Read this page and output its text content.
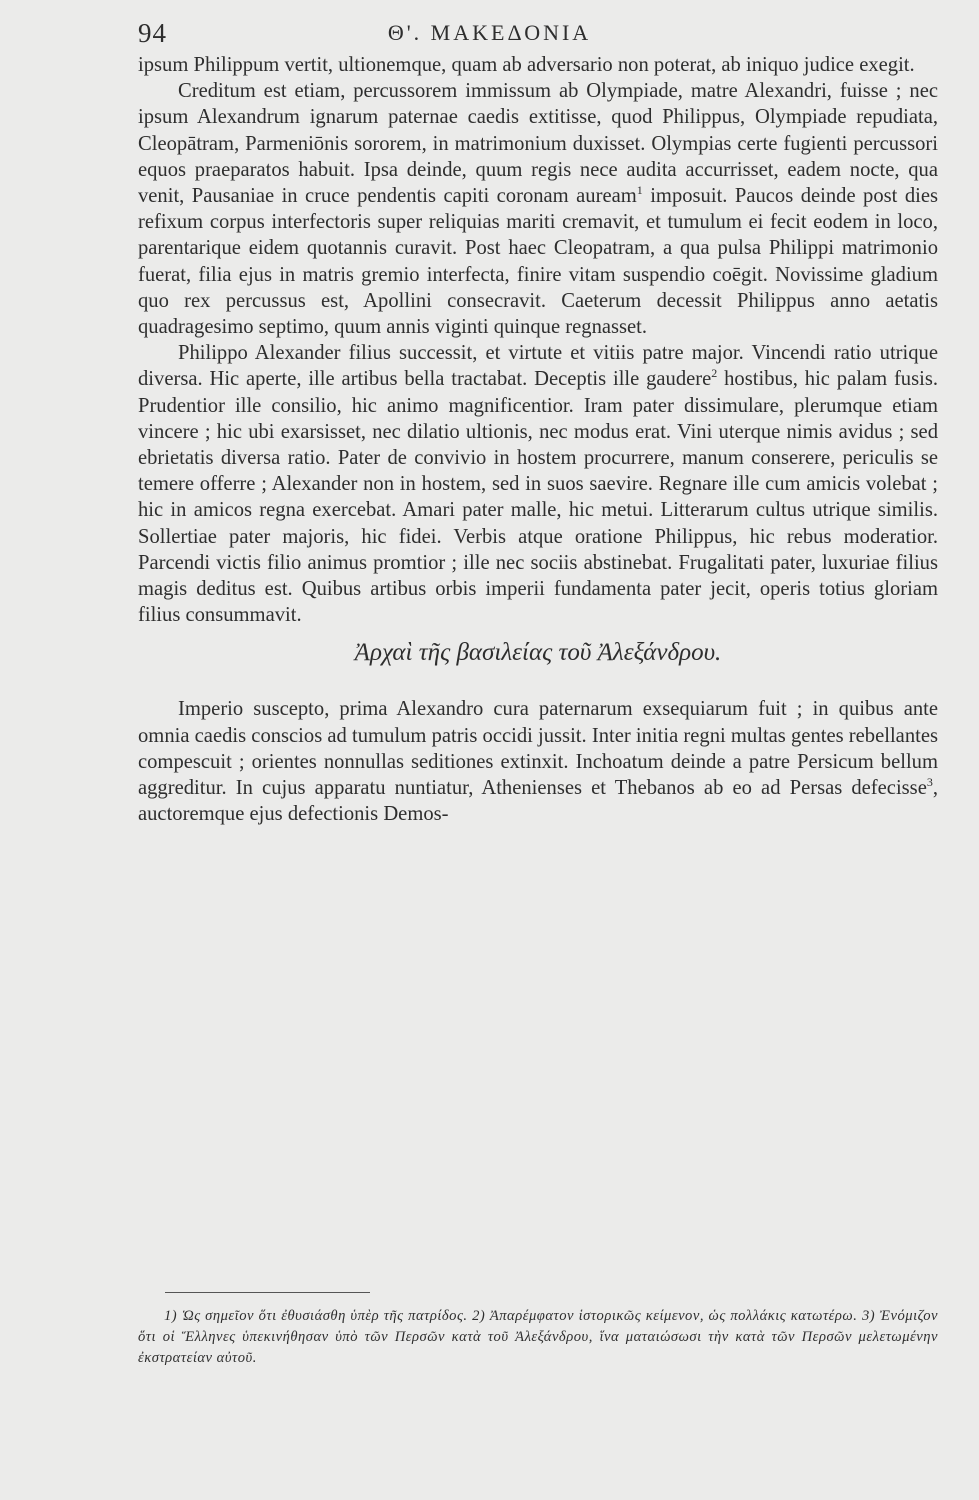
94	Θ'. ΜΑΚΕΔΟΝΙΑ

ipsum Philippum vertit, ultionemque, quam ab adversario non poterat, ab iniquo judice exegit.

Creditum est etiam, percussorem immissum ab Olympiade, matre Alexandri, fuisse ; nec ipsum Alexandrum ignarum paternae caedis extitisse, quod Philippus, Olympiade repudiata, Cleopātram, Parmeniōnis sororem, in matrimonium duxisset. Olympias certe fugienti percussori equos praeparatos habuit. Ipsa deinde, quum regis nece audita accurrisset, eadem nocte, qua venit, Pausaniae in cruce pendentis capiti coronam auream$^1$ imposuit. Paucos deinde post dies refixum corpus interfectoris super reliquias mariti cremavit, et tumulum ei fecit eodem in loco, parentarique eidem quotannis curavit. Post haec Cleopatram, a qua pulsa Philippi matrimonio fuerat, filia ejus in matris gremio interfecta, finire vitam suspendio coēgit. Novissime gladium quo rex percussus est, Apollini consecravit. Caeterum decessit Philippus anno aetatis quadragesimo septimo, quum annis viginti quinque regnasset.

Philippo Alexander filius successit, et virtute et vitiis patre major. Vincendi ratio utrique diversa. Hic aperte, ille artibus bella tractabat. Deceptis ille gaudere$^2$ hostibus, hic palam fusis. Prudentior ille consilio, hic animo magnificentior. Iram pater dissimulare, plerumque etiam vincere ; hic ubi exarsisset, nec dilatio ultionis, nec modus erat. Vini uterque nimis avidus ; sed ebrietatis diversa ratio. Pater de convivio in hostem procurrere, manum conserere, periculis se temere offerre ; Alexander non in hostem, sed in suos saevire. Regnare ille cum amicis volebat ; hic in amicos regna exercebat. Amari pater malle, hic metui. Litterarum cultus utrique similis. Sollertiae pater majoris, hic fidei. Verbis atque oratione Philippus, hic rebus moderatior. Parcendi victis filio animus promtior ; ille nec sociis abstinebat. Frugalitati pater, luxuriae filius magis deditus est. Quibus artibus orbis imperii fundamenta pater jecit, operis totius gloriam filius consummavit.

Ἀρχαὶ τῆς βασιλείας τοῦ Ἀλεξάνδρου.

Imperio suscepto, prima Alexandro cura paternarum exsequiarum fuit ; in quibus ante omnia caedis conscios ad tumulum patris occidi jussit. Inter initia regni multas gentes rebellantes compescuit ; orientes nonnullas seditiones extinxit. Inchoatum deinde a patre Persicum bellum aggreditur. In cujus apparatu nuntiatur, Athenienses et Thebanos ab eo ad Persas defecisse$^3$, auctoremque ejus defectionis Demos-

1) Ὡς σημεῖον ὅτι ἐθυσιάσθη ὑπὲρ τῆς πατρίδος. 2) Ἀπαρέμφατον ἱστορικῶς κείμενον, ὡς πολλάκις κατωτέρω. 3) Ἐνόμιζον ὅτι οἱ Ἕλληνες ὑπεκινήθησαν ὑπὸ τῶν Περσῶν κατὰ τοῦ Ἀλεξάνδρου, ἵνα ματαιώσωσι τὴν κατὰ τῶν Περσῶν μελετωμένην ἐκστρατείαν αὐτοῦ.
